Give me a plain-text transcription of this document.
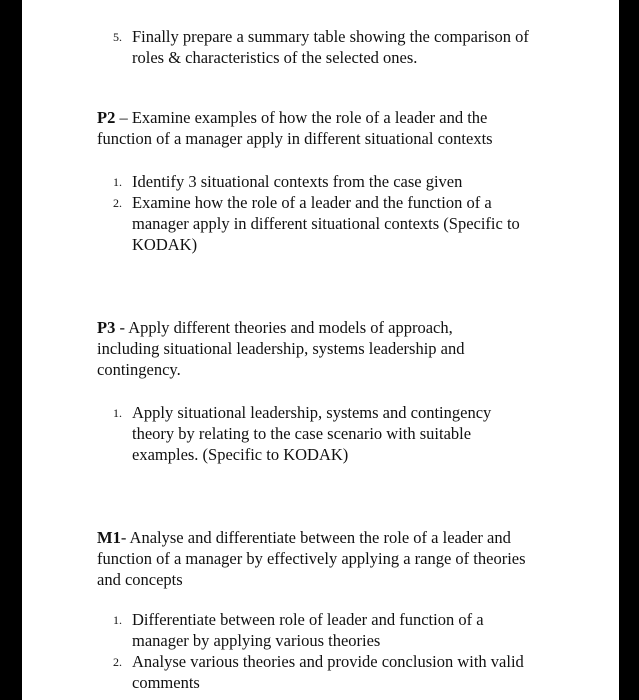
5. Finally prepare a summary table showing the comparison of roles & characteristics of the selected ones.

P2 – Examine examples of how the role of a leader and the function of a manager apply in different situational contexts

1. Identify 3 situational contexts from the case given
2. Examine how the role of a leader and the function of a manager apply in different situational contexts (Specific to KODAK)

P3 - Apply different theories and models of approach, including situational leadership, systems leadership and contingency.

1. Apply situational leadership, systems and contingency theory by relating to the case scenario with suitable examples. (Specific to KODAK)

M1- Analyse and differentiate between the role of a leader and function of a manager by effectively applying a range of theories and concepts

1. Differentiate between role of leader and function of a manager by applying various theories
2. Analyse various theories and provide conclusion with valid comments
